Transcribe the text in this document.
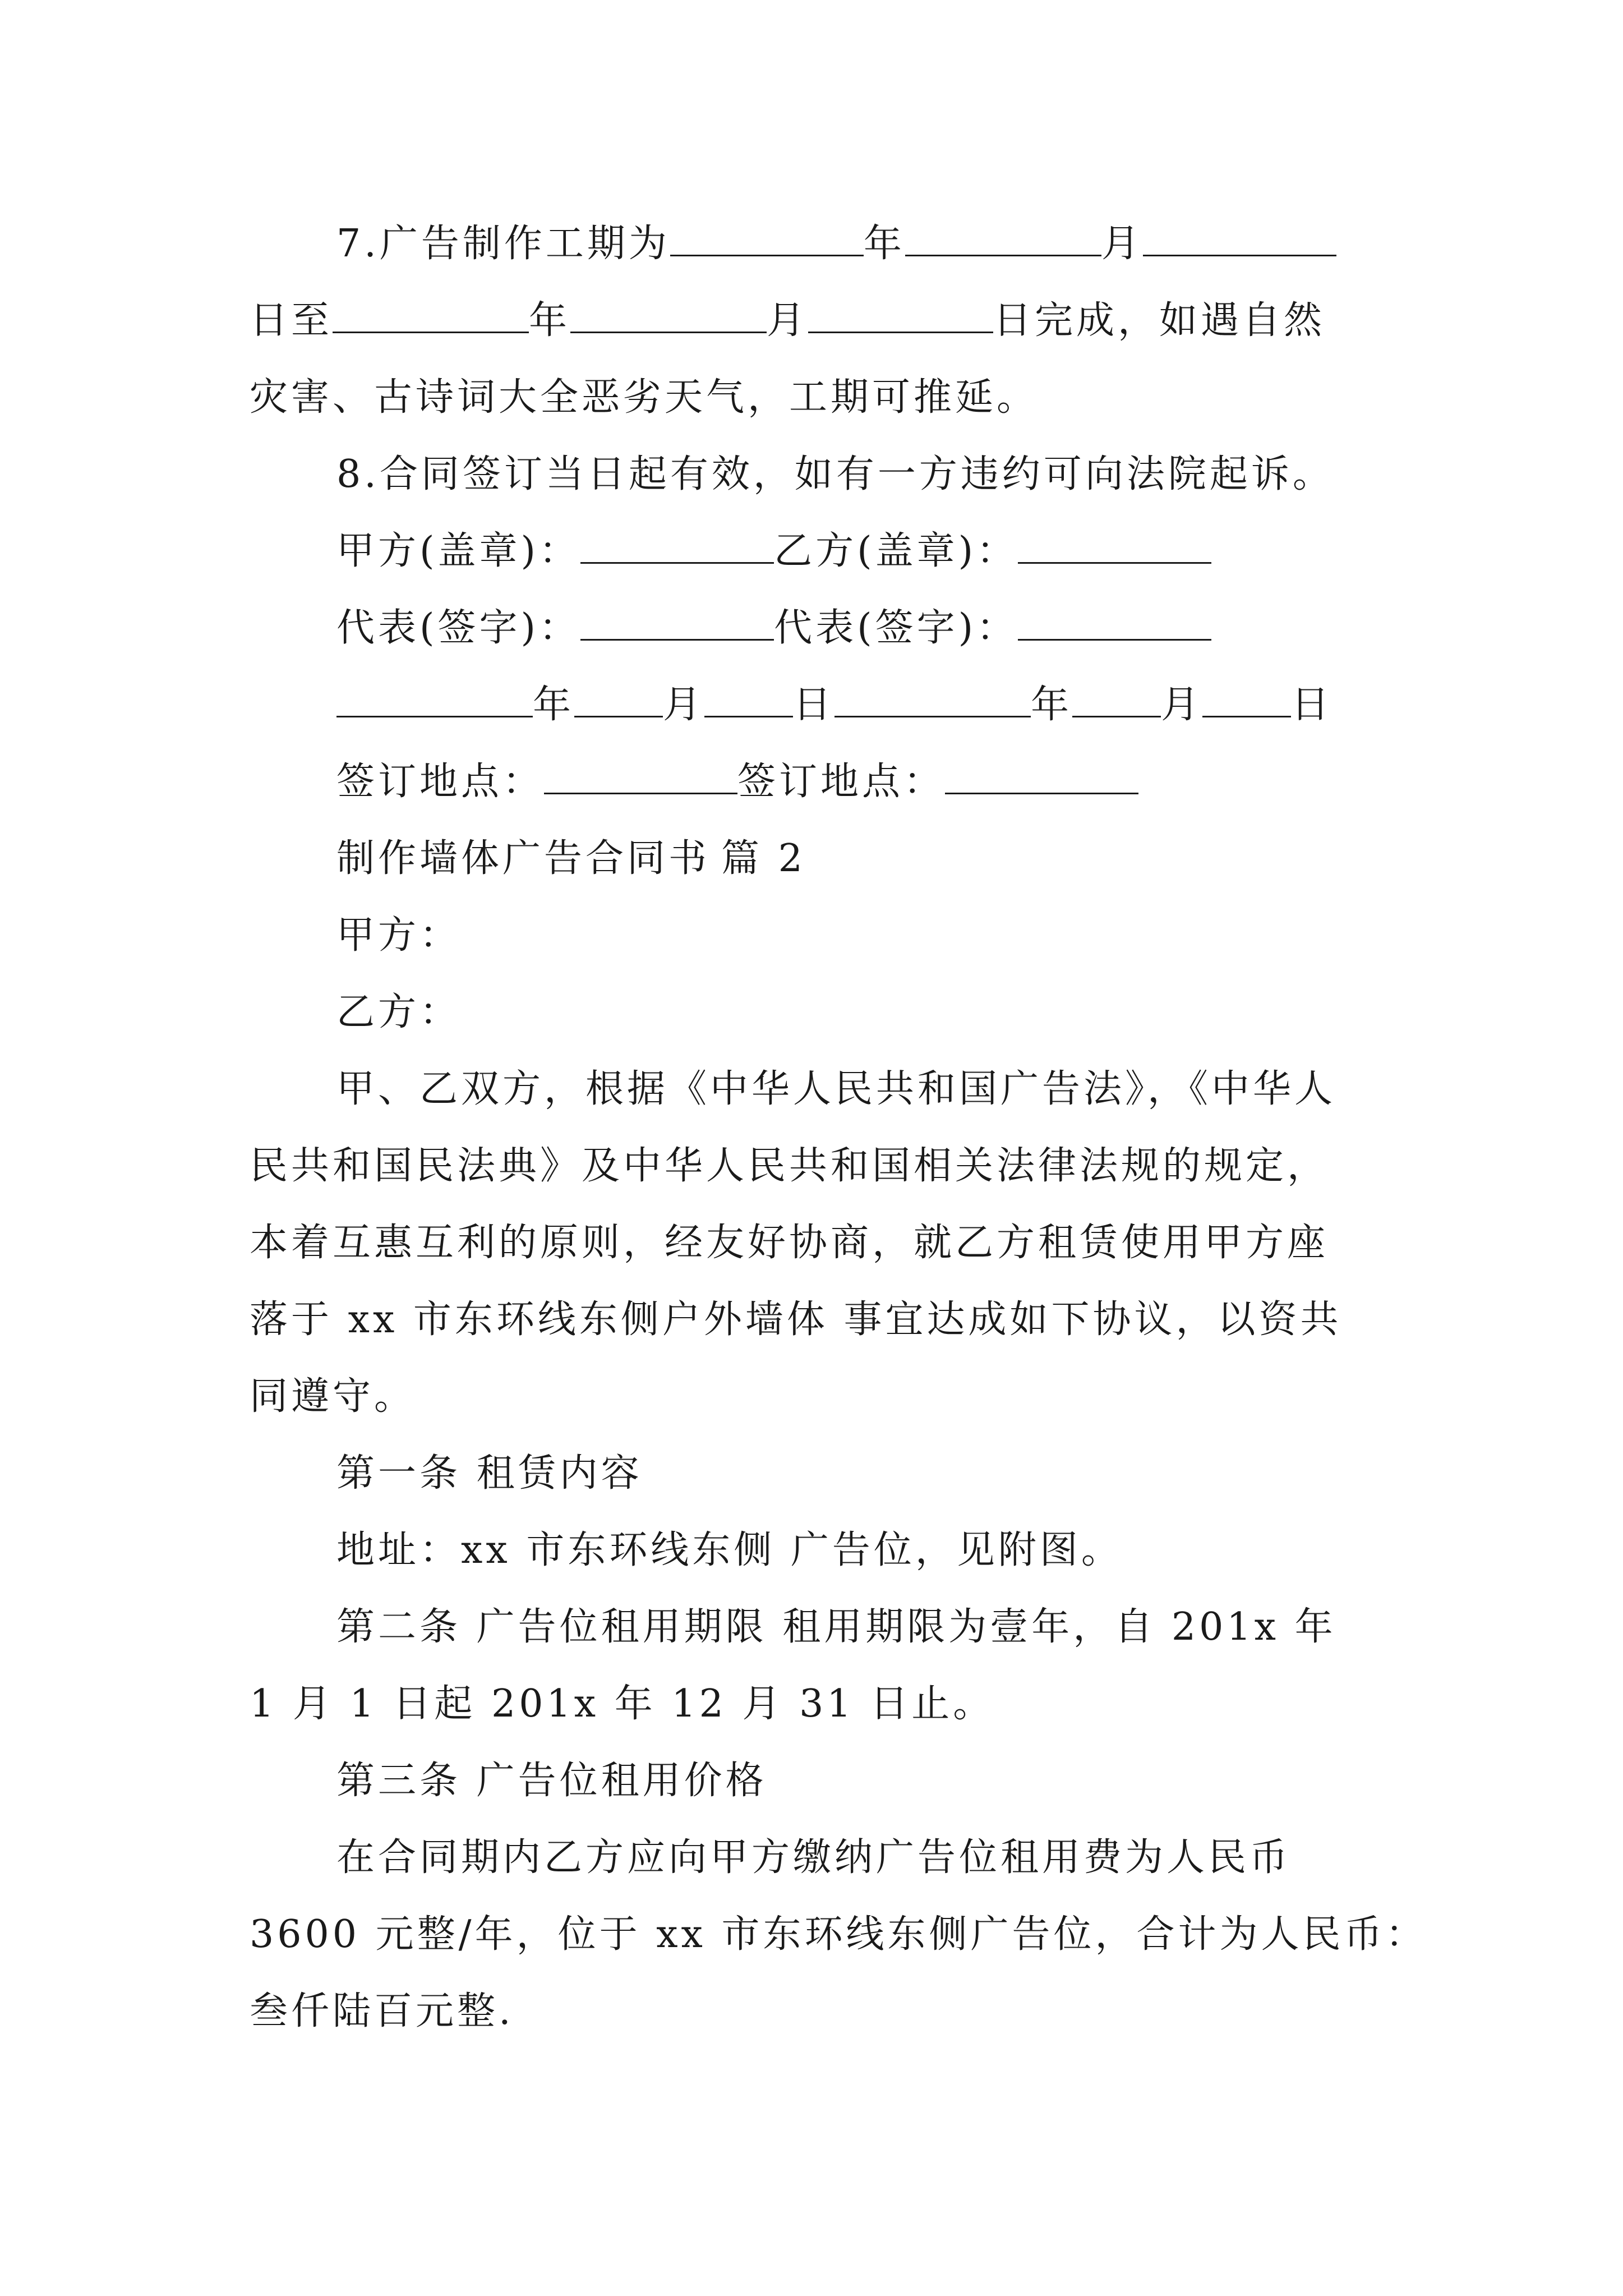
7.广告制作工期为	年	月
日至	年	月	日完成，如遇自然
灾害、古诗词大全恶劣天气，工期可推延。
8.合同签订当日起有效，如有一方违约可向法院起诉。
甲方(盖章)：	乙方(盖章)：
代表(签字)：	代表(签字)：
年 月 日	年 月 日
签订地点：	签订地点：
制作墙体广告合同书 篇 2
甲方：
乙方：
甲、乙双方，根据《中华人民共和国广告法》，《中华人
民共和国民法典》及中华人民共和国相关法律法规的规定，
本着互惠互利的原则，经友好协商，就乙方租赁使用甲方座
落于 xx 市东环线东侧户外墙体 事宜达成如下协议，以资共
同遵守。
第一条 租赁内容
地址：xx 市东环线东侧 广告位，见附图。
第二条 广告位租用期限 租用期限为壹年，自 201x 年
1 月 1 日起 201x 年 12 月 31 日止。
第三条 广告位租用价格
在合同期内乙方应向甲方缴纳广告位租用费为人民币
3600 元整/年，位于 xx 市东环线东侧广告位，合计为人民币：
叁仟陆百元整.
